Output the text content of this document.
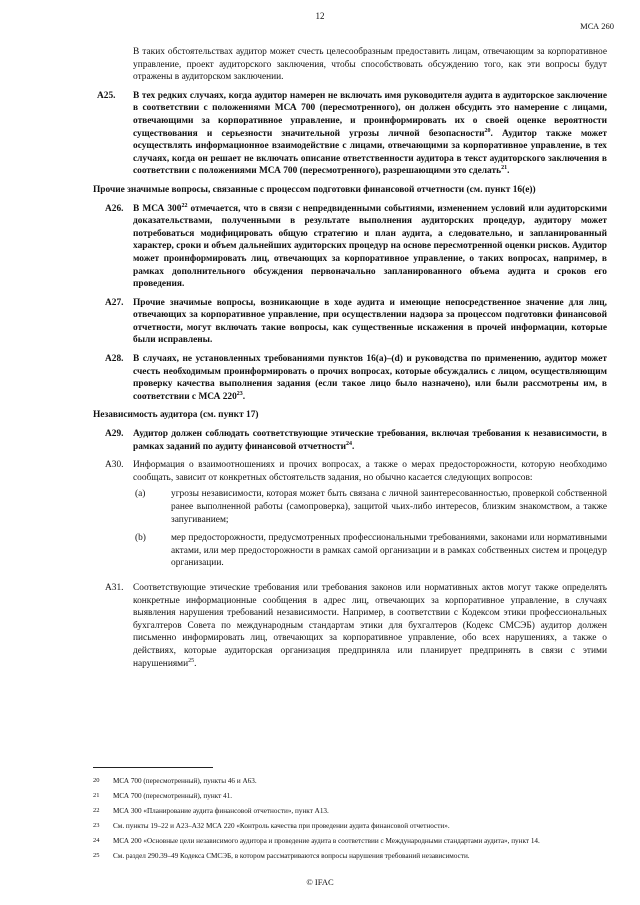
12
МСА 260

В таких обстоятельствах аудитор может счесть целесообразным предоставить лицам, отвечающим за корпоративное управление, проект аудиторского заключения, чтобы способствовать обсуждению того, как эти вопросы будут отражены в аудиторском заключении.

A25.	В тех редких случаях, когда аудитор намерен не включать имя руководителя аудита в аудиторское заключение в соответствии с положениями МСА 700 (пересмотренного), он должен обсудить это намерение с лицами, отвечающими за корпоративное управление, и проинформировать их о своей оценке вероятности существования и серьезности значительной угрозы личной безопасности$^{20}$. Аудитор также может осуществлять информационное взаимодействие с лицами, отвечающими за корпоративное управление, в тех случаях, когда он решает не включать описание ответственности аудитора в текст аудиторского заключения в соответствии с положениями МСА 700 (пересмотренного), разрешающими это сделать$^{21}$.
Прочие значимые вопросы, связанные с процессом подготовки финансовой отчетности (см. пункт 16(e))
A26.	В МСА $300^{22}$ отмечается, что в связи с непредвиденными событиями, изменением условий или аудиторскими доказательствами, полученными в результате выполнения аудиторских процедур, аудитору может потребоваться модифицировать общую стратегию и план аудита, а следовательно, и запланированный характер, сроки и объем дальнейших аудиторских процедур на основе пересмотренной оценки рисков. Аудитор может проинформировать лиц, отвечающих за корпоративное управление, о таких вопросах, например, в рамках дополнительного обсуждения первоначально запланированного объема аудита и сроков его проведения.
A27.	Прочие значимые вопросы, возникающие в ходе аудита и имеющие непосредственное значение для лиц, отвечающих за корпоративное управление, при осуществлении надзора за процессом подготовки финансовой отчетности, могут включать такие вопросы, как существенные искажения в прочей информации, которые были исправлены.
A28.	В случаях, не установленных требованиями пунктов 16(a)–(d) и руководства по применению, аудитор может счесть необходимым проинформировать о прочих вопросах, которые обсуждались с лицом, осуществляющим проверку качества выполнения задания (если такое лицо было назначено), или были рассмотрены им, в соответствии с МСА $220^{23}$.
Независимость аудитора (см. пункт 17)
A29.	Аудитор должен соблюдать соответствующие этические требования, включая требования к независимости, в рамках заданий по аудиту финансовой отчетности$^{24}$.
A30.	Информация о взаимоотношениях и прочих вопросах, а также о мерах предосторожности, которую необходимо сообщать, зависит от конкретных обстоятельств задания, но обычно касается следующих вопросов:
(a)	угрозы независимости, которая может быть связана с личной заинтересованностью, проверкой собственной ранее выполненной работы (самопроверка), защитой чьих-либо интересов, близким знакомством, а также запугиванием;
(b)	мер предосторожности, предусмотренных профессиональными требованиями, законами или нормативными актами, или мер предосторожности в рамках самой организации и в рамках собственных систем и процедур организации.
A31.	Соответствующие этические требования или требования законов или нормативных актов могут также определять конкретные информационные сообщения в адрес лиц, отвечающих за корпоративное управление, в случаях выявления нарушения требований независимости. Например, в соответствии с Кодексом этики профессиональных бухгалтеров Совета по международным стандартам этики для бухгалтеров (Кодекс СМСЭБ) аудитор должен письменно информировать лиц, отвечающих за корпоративное управление, обо всех нарушениях, а также о действиях, которые аудиторская организация предприняла или планирует предпринять в связи с этими нарушениями$^{25}$.
20	МСА 700 (пересмотренный), пункты 46 и A63.
21	МСА 700 (пересмотренный), пункт 41.
22	МСА 300 «Планирование аудита финансовой отчетности», пункт A13.
23	См. пункты 19–22 и A23–A32 МСА 220 «Контроль качества при проведении аудита финансовой отчетности».
24	МСА 200 «Основные цели независимого аудитора и проведение аудита в соответствии с Международными стандартами аудита», пункт 14.
25	См. раздел 290.39–49 Кодекса СМСЭБ, в котором рассматриваются вопросы нарушения требований независимости.
© IFAC
